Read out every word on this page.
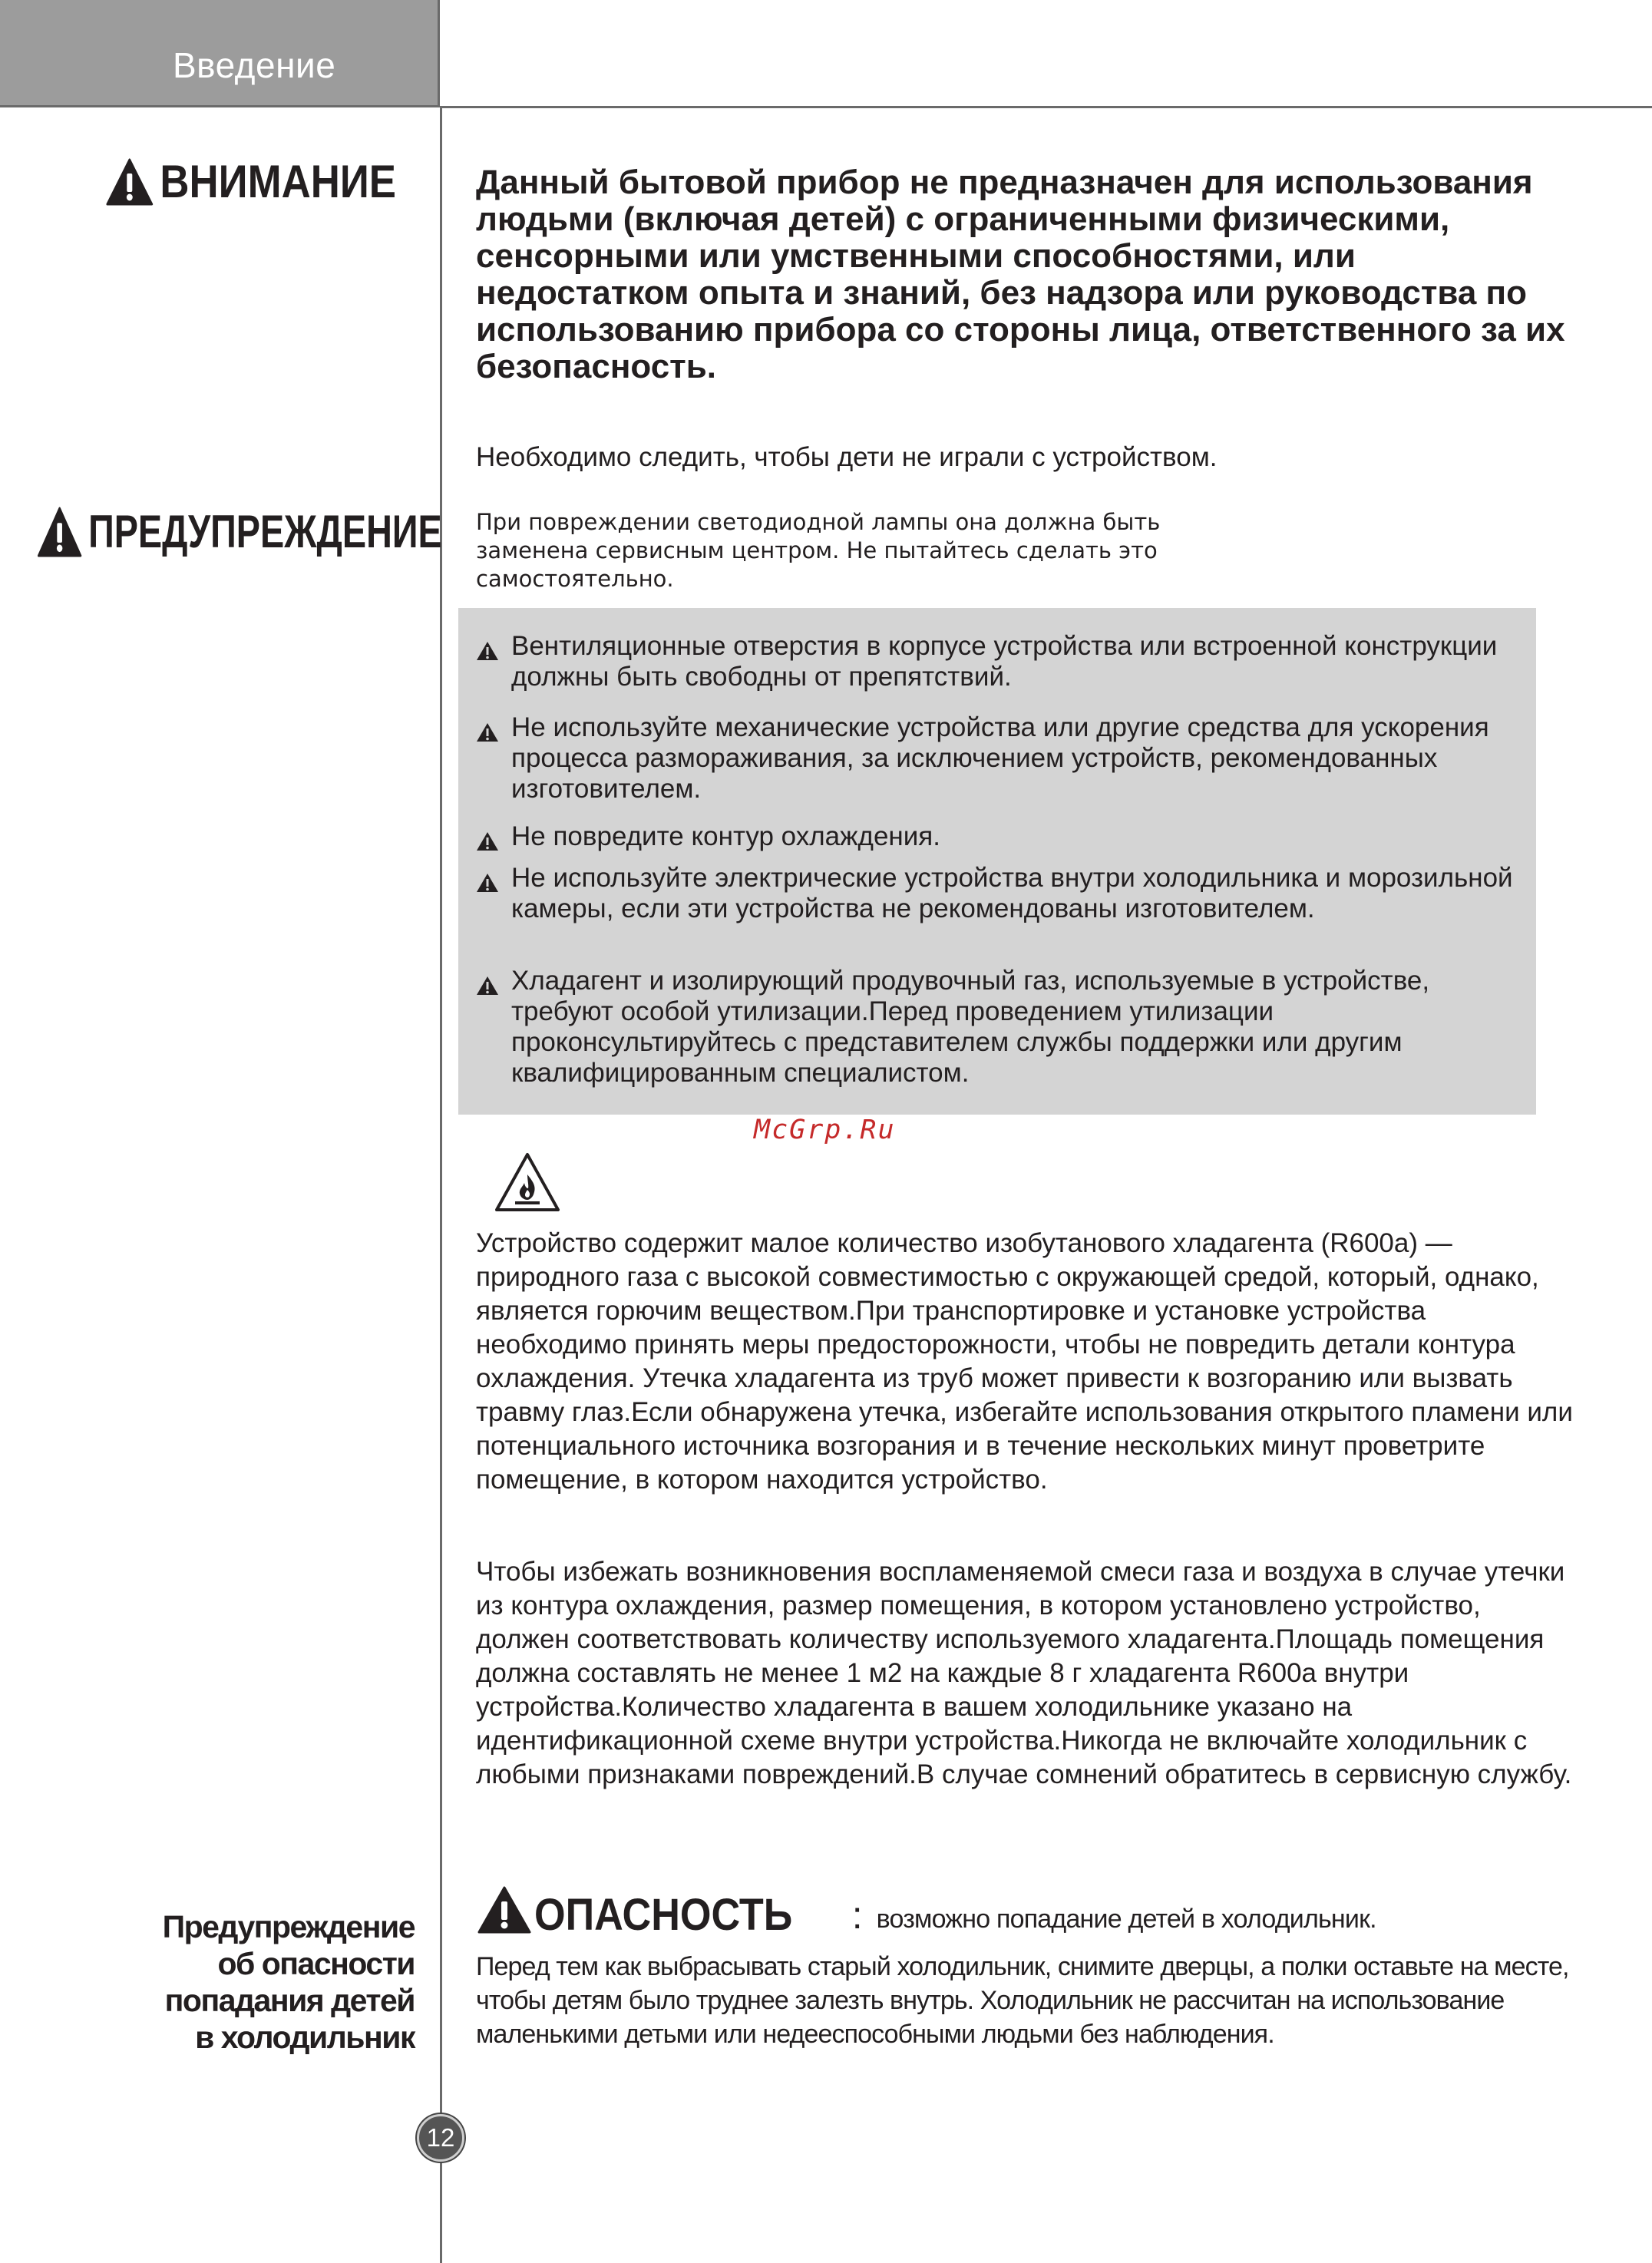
Введение
ВНИМАНИЕ Данный бытовой прибор не предназначен для использования людьми (включая детей) с ограниченными физическими, сенсорными или умственными способностями, или недостатком опыта и знаний, без надзора или руководства по использованию прибора со стороны лица, ответственного за их безопасность.
Необходимо следить, чтобы дети не играли с устройством.
ПРЕДУПРЕЖДЕНИЕ При повреждении светодиодной лампы она должна быть заменена сервисным центром. Не пытайтесь сделать это самостоятельно.
Вентиляционные отверстия в корпусе устройства или встроенной конструкции должны быть свободны от препятствий.
Не используйте механические устройства или другие средства для ускорения процесса размораживания, за исключением устройств, рекомендованных изготовителем.
Не повредите контур охлаждения.
Не используйте электрические устройства внутри холодильника и морозильной камеры, если эти устройства не рекомендованы изготовителем.
Хладагент и изолирующий продувочный газ, используемые в устройстве, требуют особой утилизации.Перед проведением утилизации проконсультируйтесь с представителем службы поддержки или другим квалифицированным специалистом.
McGrp.Ru
Устройство содержит малое количество изобутанового хладагента (R600a) — природного газа с высокой совместимостью с окружающей средой, который, однако, является горючим веществом.При транспортировке и установке устройства необходимо принять меры предосторожности, чтобы не повредить детали контура охлаждения. Утечка хладагента из труб может привести к возгоранию или вызвать травму глаз.Если обнаружена утечка, избегайте использования открытого пламени или потенциального источника возгорания и в течение нескольких минут проветрите помещение, в котором находится устройство.
Чтобы избежать возникновения воспламеняемой смеси газа и воздуха в случае утечки из контура охлаждения, размер помещения, в котором установлено устройство, должен соответствовать количеству используемого хладагента.Площадь помещения должна составлять не менее 1 м2 на каждые 8 г хладагента R600a внутри устройства.Количество хладагента в вашем холодильнике указано на идентификационной схеме внутри устройства.Никогда не включайте холодильник с любыми признаками повреждений.В случае сомнений обратитесь в сервисную службу.
Предупреждение
об опасности
попадания детей
в холодильник
ОПАСНОСТЬ : возможно попадание детей в холодильник.
Перед тем как выбрасывать старый холодильник, снимите дверцы, а полки оставьте на месте, чтобы детям было труднее залезть внутрь. Холодильник не рассчитан на использование маленькими детьми или недееспособными людьми без наблюдения.
12
